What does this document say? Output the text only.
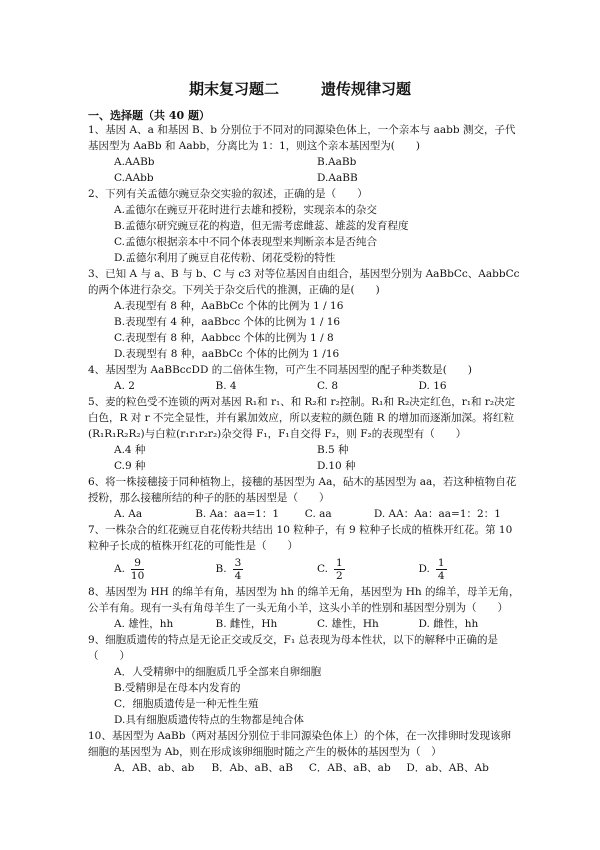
期末复习题二	遗传规律习题
一、选择题（共 40 题）
1、基因 A、a 和基因 B、b 分别位于不同对的同源染色体上，一个亲本与 aabb 测交，子代基因型为 AaBb 和 Aabb，分离比为 1：1，则这个亲本基因型为(　　)
A.AABb	B.AaBb
C.AAbb	D.AaBB
2、下列有关孟德尔豌豆杂交实验的叙述，正确的是（　　）
A.孟德尔在豌豆开花时进行去雄和授粉，实现亲本的杂交
B.孟德尔研究豌豆花的构造，但无需考虑雌蕊、雄蕊的发育程度
C.孟德尔根据亲本中不同个体表现型来判断亲本是否纯合
D.孟德尔利用了豌豆自花传粉、闭花受粉的特性
3、已知 A 与 a、B 与 b、C 与 c3 对等位基因自由组合，基因型分别为 AaBbCc、AabbCc 的两个体进行杂交。下列关于杂交后代的推测，正确的是(　　)
A.表现型有 8 种，AaBbCc 个体的比例为 1 / 16
B.表现型有 4 种，aaBbcc 个体的比例为 1 / 16
C.表现型有 8 种，Aabbcc 个体的比例为 1 / 8
D.表现型有 8 种，aaBbCc 个体的比例为 1 /16
4、基因型为 AaBBccDD 的二倍体生物，可产生不同基因型的配子种类数是(　　)
A. 2	B. 4	C. 8	D. 16
5、麦的粒色受不连锁的两对基因 R₁和 r₁、和 R₂和 r₂控制。R₁和 R₂决定红色，r₁和 r₂决定白色，R 对 r 不完全显性，并有累加效应，所以麦粒的颜色随 R 的增加而逐渐加深。将红粒(R₁R₁R₂R₂)与白粒(r₁r₁r₂r₂)杂交得 F₁，F₁自交得 F₂，则 F₂的表现型有（　　）
A.4 种	B.5 种
C.9 种	D.10 种
6、将一株接穗接于同种植物上，接穗的基因型为 Aa，砧木的基因型为 aa，若这种植物自花授粉，那么接穗所结的种子的胚的基因型是（　　）
A. Aa	B. Aa：aa=1：1	C. aa	D. AA：Aa：aa=1：2：1
7、一株杂合的红花豌豆自花传粉共结出 10 粒种子，有 9 粒种子长成的植株开红花。第 10 粒种子长成的植株开红花的可能性是（　　）
A. $\frac{9}{10}$	B. $\frac{3}{4}$	C. $\frac{1}{2}$	D. $\frac{1}{4}$
8、基因型为 HH 的绵羊有角，基因型为 hh 的绵羊无角，基因型为 Hh 的绵羊，母羊无角，公羊有角。现有一头有角母羊生了一头无角小羊，这头小羊的性别和基因型分别为（　　）
A. 雄性，hh	B. 雌性，Hh	C. 雄性，Hh	D. 雌性，hh
9、细胞质遗传的特点是无论正交或反交，F₁ 总表现为母本性状，以下的解释中正确的是（　　）
A．人受精卵中的细胞质几乎全部来自卵细胞
B.受精卵是在母本内发育的
C．细胞质遗传是一种无性生殖
D.具有细胞质遗传特点的生物都是纯合体
10、基因型为 AaBb（两对基因分别位于非同源染色体上）的个体，在一次排卵时发现该卵细胞的基因型为 Ab，则在形成该卵细胞时随之产生的极体的基因型为（　）
A．AB、ab、ab	B．Ab、aB、aB	C．AB、aB、ab	D．ab、AB、Ab
